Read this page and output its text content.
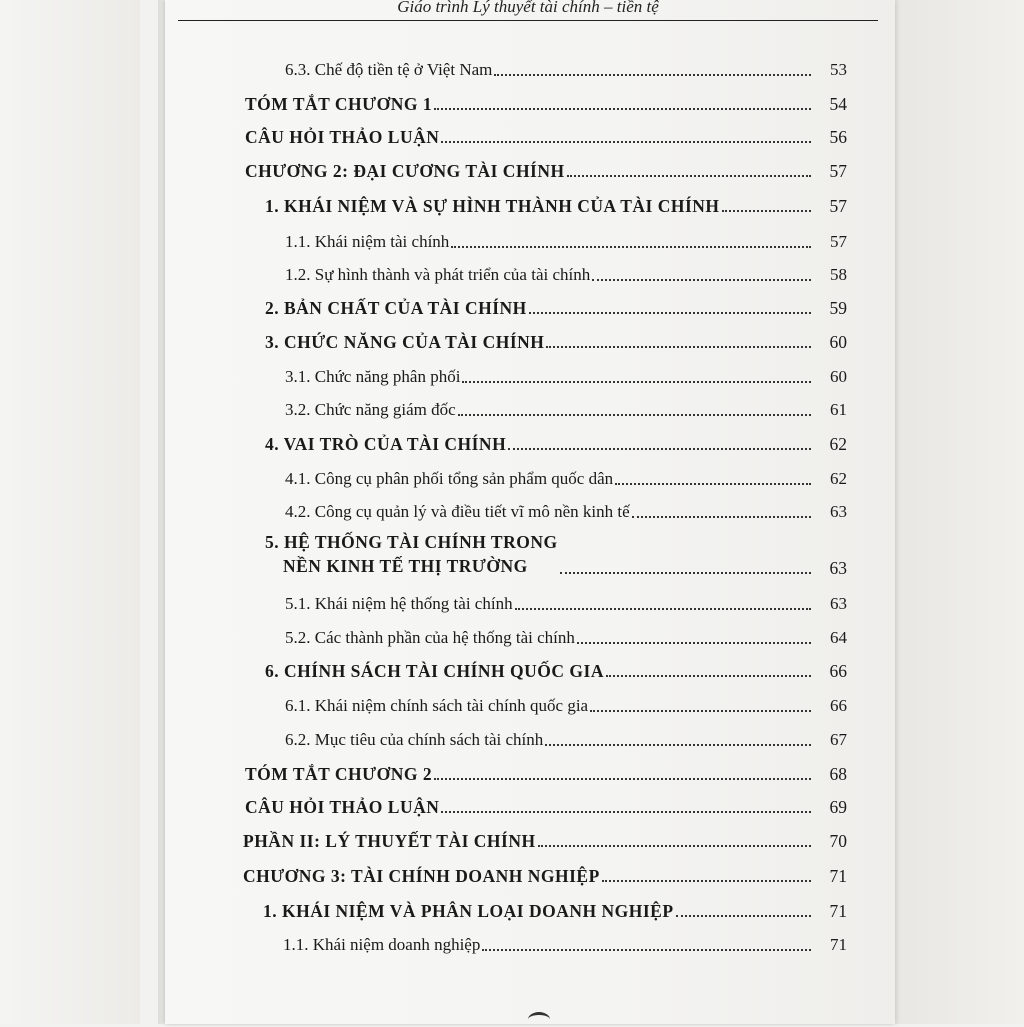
Giáo trình Lý thuyết tài chính – tiền tệ
6.3. Chế độ tiền tệ ở Việt Nam	53
TÓM TẮT CHƯƠNG 1	54
CÂU HỎI THẢO LUẬN	56
CHƯƠNG 2: ĐẠI CƯƠNG TÀI CHÍNH	57
1. KHÁI NIỆM VÀ SỰ HÌNH THÀNH CỦA TÀI CHÍNH	57
1.1. Khái niệm tài chính	57
1.2. Sự hình thành và phát triển của tài chính	58
2. BẢN CHẤT CỦA TÀI CHÍNH	59
3. CHỨC NĂNG CỦA TÀI CHÍNH	60
3.1. Chức năng phân phối	60
3.2. Chức năng giám đốc	61
4. VAI TRÒ CỦA TÀI CHÍNH	62
4.1. Công cụ phân phối tổng sản phẩm quốc dân	62
4.2. Công cụ quản lý và điều tiết vĩ mô nền kinh tế	63
5. HỆ THỐNG TÀI CHÍNH TRONG
NỀN KINH TẾ THỊ TRƯỜNG	63
5.1. Khái niệm hệ thống tài chính	63
5.2. Các thành phần của hệ thống tài chính	64
6. CHÍNH SÁCH TÀI CHÍNH QUỐC GIA	66
6.1. Khái niệm chính sách tài chính quốc gia	66
6.2. Mục tiêu của chính sách tài chính	67
TÓM TẮT CHƯƠNG 2	68
CÂU HỎI THẢO LUẬN	69
PHẦN II: LÝ THUYẾT TÀI CHÍNH	70
CHƯƠNG 3: TÀI CHÍNH DOANH NGHIỆP	71
1. KHÁI NIỆM VÀ PHÂN LOẠI DOANH NGHIỆP	71
1.1. Khái niệm doanh nghiệp	71
